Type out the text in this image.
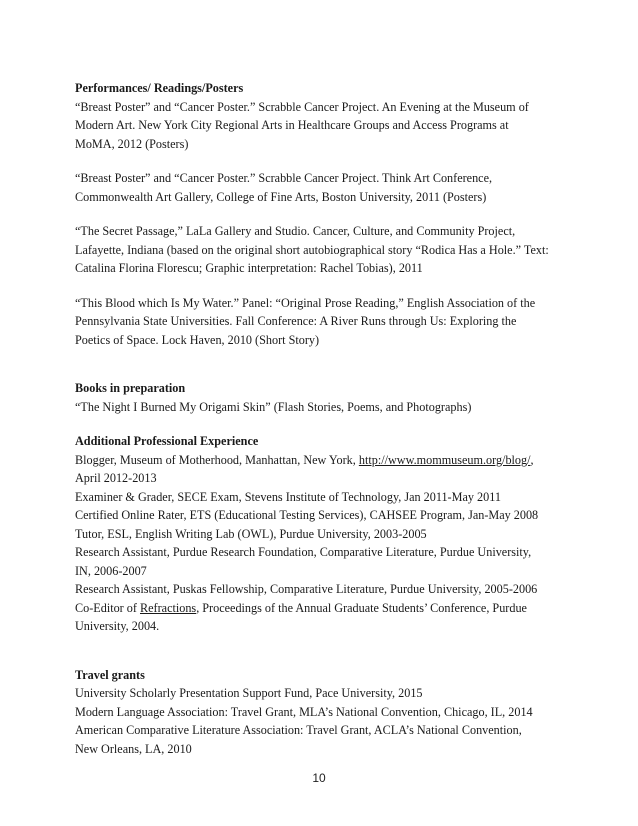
Performances/ Readings/Posters

“Breast Poster” and “Cancer Poster.” Scrabble Cancer Project. An Evening at the Museum of
Modern Art. New York City Regional Arts in Healthcare Groups and Access Programs at
MoMA, 2012 (Posters)

“Breast Poster” and “Cancer Poster.” Scrabble Cancer Project. Think Art Conference,
Commonwealth Art Gallery, College of Fine Arts, Boston University, 2011 (Posters)

“The Secret Passage,” LaLa Gallery and Studio. Cancer, Culture, and Community Project,
Lafayette, Indiana (based on the original short autobiographical story “Rodica Has a Hole.” Text:
Catalina Florina Florescu; Graphic interpretation: Rachel Tobias), 2011

“This Blood which Is My Water.” Panel: “Original Prose Reading,” English Association of the
Pennsylvania State Universities. Fall Conference: A River Runs through Us: Exploring the
Poetics of Space. Lock Haven, 2010 (Short Story)

Books in preparation
“The Night I Burned My Origami Skin” (Flash Stories, Poems, and Photographs)
Additional Professional Experience
Blogger, Museum of Motherhood, Manhattan, New York, http://www.mommuseum.org/blog/,
April 2012-2013
Examiner & Grader, SECE Exam, Stevens Institute of Technology, Jan 2011-May 2011
Certified Online Rater, ETS (Educational Testing Services), CAHSEE Program, Jan-May 2008
Tutor, ESL, English Writing Lab (OWL), Purdue University, 2003-2005
Research Assistant, Purdue Research Foundation, Comparative Literature, Purdue University,
IN, 2006-2007
Research Assistant, Puskas Fellowship, Comparative Literature, Purdue University, 2005-2006
Co-Editor of Refractions, Proceedings of the Annual Graduate Students’ Conference, Purdue
University, 2004.
Travel grants
University Scholarly Presentation Support Fund, Pace University, 2015
Modern Language Association: Travel Grant, MLA’s National Convention, Chicago, IL, 2014
American Comparative Literature Association: Travel Grant, ACLA’s National Convention,
New Orleans, LA, 2010
10
